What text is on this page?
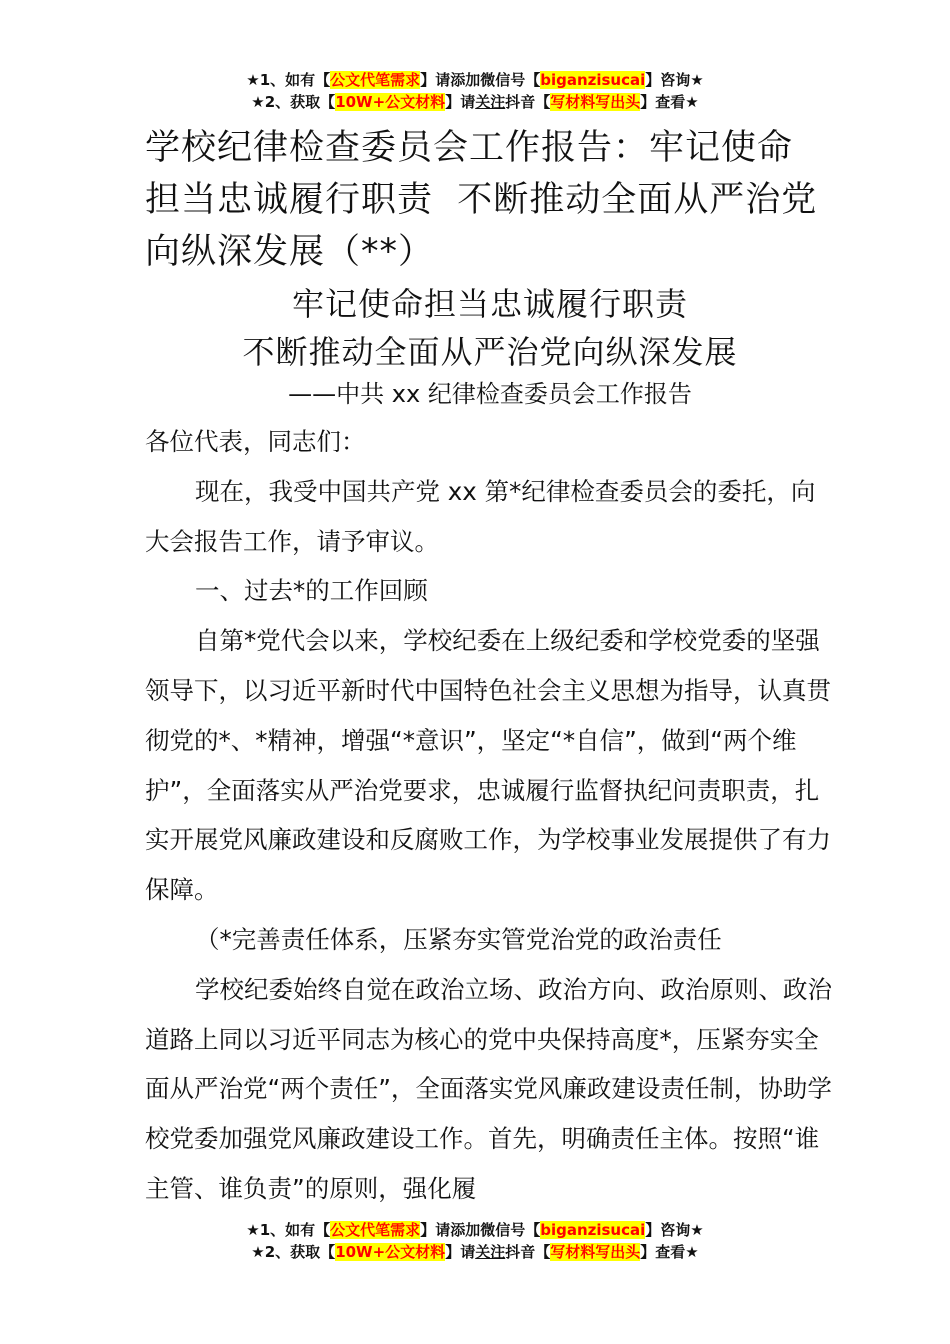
★1、如有【公文代笔需求】请添加微信号【biganzisucai】咨询★
★2、获取【10W+公文材料】请关注抖音【写材料写出头】查看★

学校纪律检查委员会工作报告：牢记使命

担当忠诚履行职责  不断推动全面从严治党

向纵深发展（**）

牢记使命担当忠诚履行职责

不断推动全面从严治党向纵深发展

——中共 xx 纪律检查委员会工作报告

各位代表，同志们：

现在，我受中国共产党 xx 第*纪律检查委员会的委托，向大会报告工作，请予审议。

一、过去*的工作回顾

自第*党代会以来，学校纪委在上级纪委和学校党委的坚强领导下，以习近平新时代中国特色社会主义思想为指导，认真贯彻党的*、*精神，增强“*意识”，坚定“*自信”，做到“两个维护”，全面落实从严治党要求，忠诚履行监督执纪问责职责，扎实开展党风廉政建设和反腐败工作，为学校事业发展提供了有力保障。

（*完善责任体系，压紧夯实管党治党的政治责任

学校纪委始终自觉在政治立场、政治方向、政治原则、政治道路上同以习近平同志为核心的党中央保持高度*，压紧夯实全面从严治党“两个责任”，全面落实党风廉政建设责任制，协助学校党委加强党风廉政建设工作。首先，明确责任主体。按照“谁主管、谁负责”的原则，强化履

★1、如有【公文代笔需求】请添加微信号【biganzisucai】咨询★
★2、获取【10W+公文材料】请关注抖音【写材料写出头】查看★
